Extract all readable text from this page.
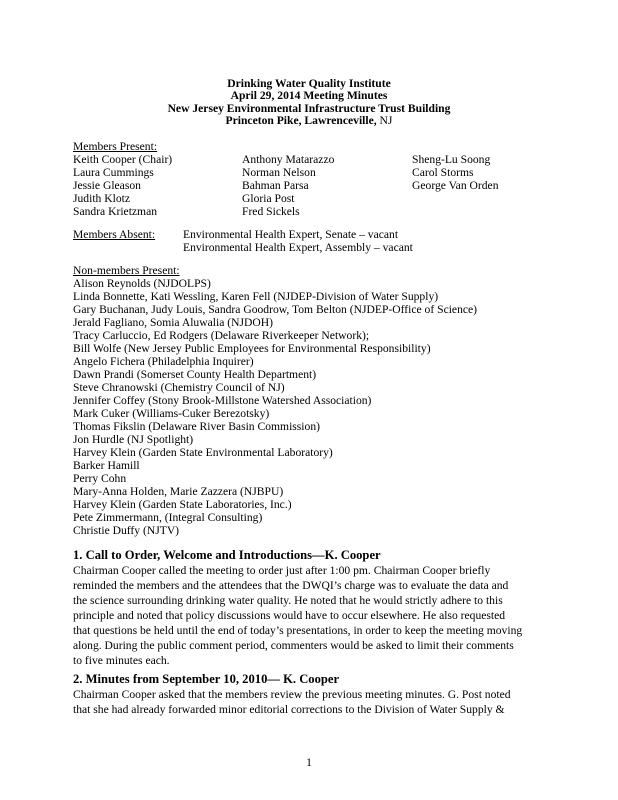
Drinking Water Quality Institute
April 29, 2014 Meeting Minutes
New Jersey Environmental Infrastructure Trust Building
Princeton Pike, Lawrenceville, NJ
Members Present:
Keith Cooper (Chair)
Laura Cummings
Jessie Gleason
Judith Klotz
Sandra Krietzman
Anthony Matarazzo
Norman Nelson
Bahman Parsa
Gloria Post
Fred Sickels
Sheng-Lu Soong
Carol Storms
George Van Orden
Members Absent: Environmental Health Expert, Senate – vacant
Environmental Health Expert, Assembly – vacant
Non-members Present:
Alison Reynolds (NJDOLPS)
Linda Bonnette, Kati Wessling, Karen Fell (NJDEP-Division of Water Supply)
Gary Buchanan, Judy Louis, Sandra Goodrow, Tom Belton (NJDEP-Office of Science)
Jerald Fagliano, Somia Aluwalia (NJDOH)
Tracy Carluccio, Ed Rodgers (Delaware Riverkeeper Network);
Bill Wolfe (New Jersey Public Employees for Environmental Responsibility)
Angelo Fichera (Philadelphia Inquirer)
Dawn Prandi (Somerset County Health Department)
Steve Chranowski (Chemistry Council of NJ)
Jennifer Coffey (Stony Brook-Millstone Watershed Association)
Mark Cuker (Williams-Cuker Berezotsky)
Thomas Fikslin (Delaware River Basin Commission)
Jon Hurdle (NJ Spotlight)
Harvey Klein (Garden State Environmental Laboratory)
Barker Hamill
Perry Cohn
Mary-Anna Holden, Marie Zazzera (NJBPU)
Harvey Klein (Garden State Laboratories, Inc.)
Pete Zimmermann, (Integral Consulting)
Christie Duffy (NJTV)
1. Call to Order, Welcome and Introductions—K. Cooper
Chairman Cooper called the meeting to order just after 1:00 pm. Chairman Cooper briefly
reminded the members and the attendees that the DWQI’s charge was to evaluate the data and
the science surrounding drinking water quality. He noted that he would strictly adhere to this
principle and noted that policy discussions would have to occur elsewhere. He also requested
that questions be held until the end of today’s presentations, in order to keep the meeting moving
along. During the public comment period, commenters would be asked to limit their comments
to five minutes each.
2. Minutes from September 10, 2010— K. Cooper
Chairman Cooper asked that the members review the previous meeting minutes. G. Post noted
that she had already forwarded minor editorial corrections to the Division of Water Supply &
1
